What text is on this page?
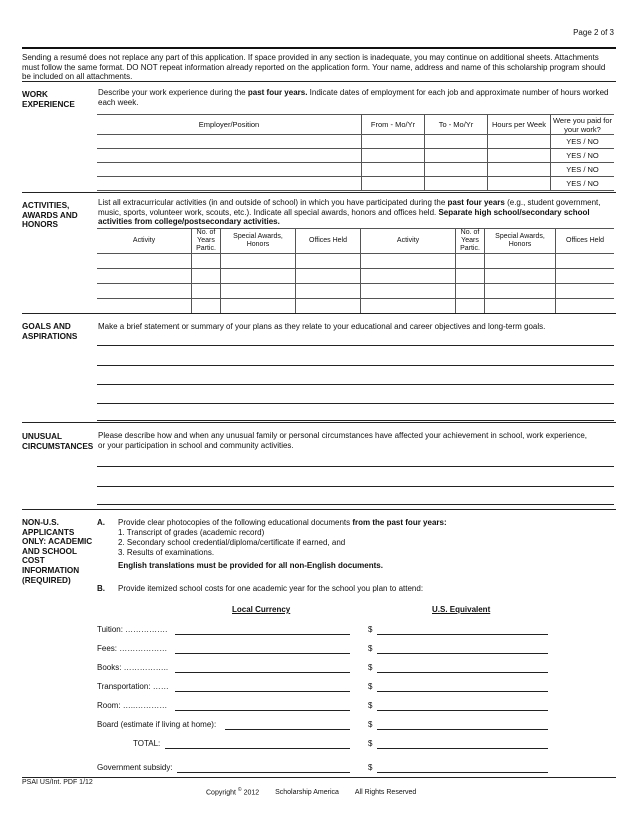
Page 2 of 3
Sending a resumé does not replace any part of this application. If space provided in any section is inadequate, you may continue on additional sheets. Attachments must follow the same format. DO NOT repeat information already reported on the application form. Your name, address and name of this scholarship program should be included on all attachments.
WORK EXPERIENCE
Describe your work experience during the past four years. Indicate dates of employment for each job and approximate number of hours worked each week.
Employer/Position	From - Mo/Yr	To - Mo/Yr	Hours per Week	Were you paid for your work?
				YES / NO
				YES / NO
				YES / NO
				YES / NO
ACTIVITIES, AWARDS AND HONORS
List all extracurricular activities (in and outside of school) in which you have participated during the past four years (e.g., student government, music, sports, volunteer work, scouts, etc.). Indicate all special awards, honors and offices held. Separate high school/secondary school activities from college/postsecondary activities.
Activity	No. of Years Partic.	Special Awards, Honors	Offices Held	Activity	No. of Years Partic.	Special Awards, Honors	Offices Held

GOALS AND ASPIRATIONS
Make a brief statement or summary of your plans as they relate to your educational and career objectives and long-term goals.
UNUSUAL CIRCUMSTANCES
Please describe how and when any unusual family or personal circumstances have affected your achievement in school, work experience, or your participation in school and community activities.
NON-U.S. APPLICANTS ONLY: ACADEMIC AND SCHOOL COST INFORMATION (REQUIRED)
A. Provide clear photocopies of the following educational documents from the past four years:
1. Transcript of grades (academic record)
2. Secondary school credential/diploma/certificate if earned, and
3. Results of examinations.
English translations must be provided for all non-English documents.
B. Provide itemized school costs for one academic year for the school you plan to attend:
Local Currency	U.S. Equivalent
Tuition: …………….	$
Fees: ………………	$
Books: ……………..	$
Transportation: ……	$
Room: …..…………	$
Board (estimate if living at home):	$
TOTAL:	$
Government subsidy:	$
PSAI US/Int. PDF 1/12
Copyright © 2012 Scholarship America All Rights Reserved
